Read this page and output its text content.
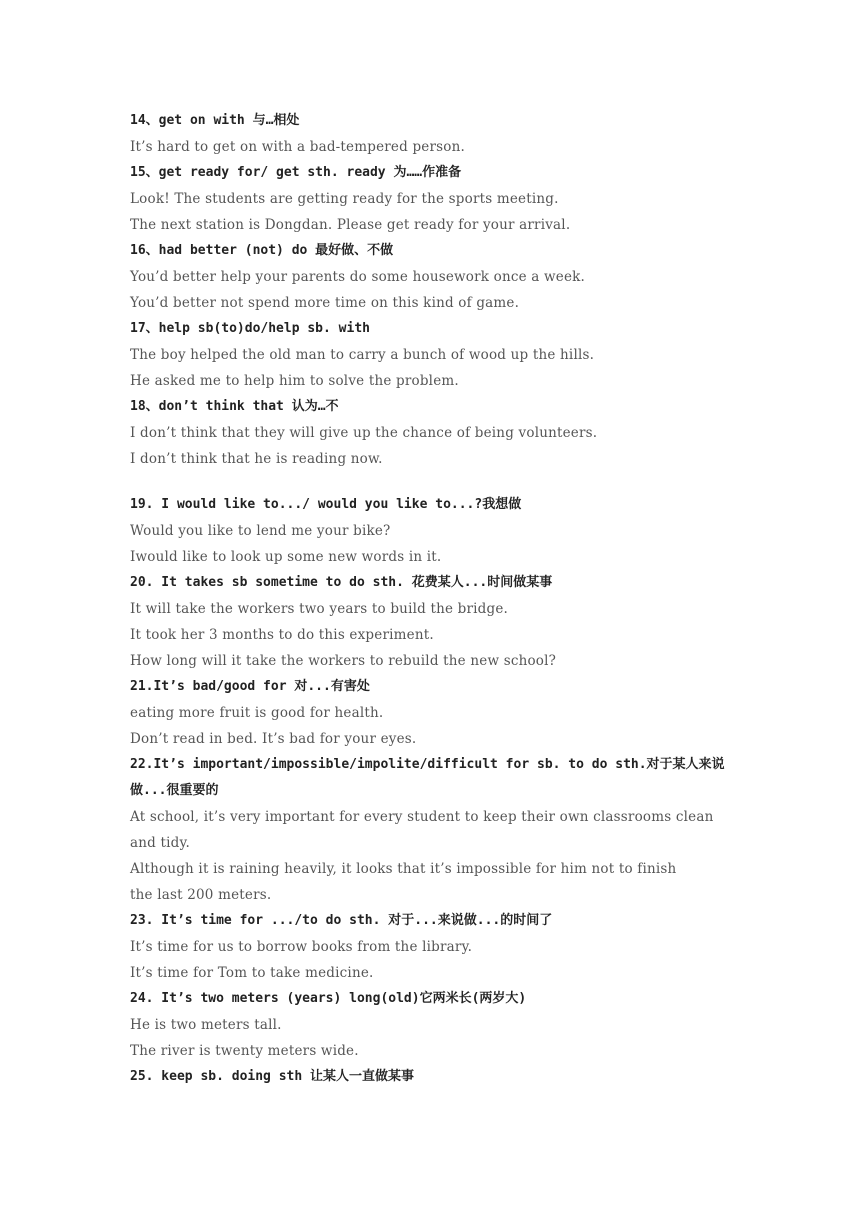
14、get on with 与…相处
It’s hard to get on with a bad-tempered person.
15、get ready for/ get sth. ready 为……作准备
Look! The students are getting ready for the sports meeting.
The next station is Dongdan. Please get ready for your arrival.
16、had better (not) do 最好做、不做
You’d better help your parents do some housework once a week.
You’d better not spend more time on this kind of game.
17、help sb(to)do/help sb. with
The boy helped the old man to carry a bunch of wood up the hills.
He asked me to help him to solve the problem.
18、don’t think that 认为…不
I don’t think that they will give up the chance of being volunteers.
I don’t think that he is reading now.
19. I would like to.../ would you like to...?我想做
Would you like to lend me your bike?
Iwould like to look up some new words in it.
20. It takes sb sometime to do sth. 花费某人...时间做某事
It will take the workers two years to build the bridge.
It took her 3 months to do this experiment.
How long will it take the workers to rebuild the new school?
21.It’s bad/good for 对...有害处
eating more fruit is good for health.
Don’t read in bed. It’s bad for your eyes.
22.It’s important/impossible/impolite/difficult for sb. to do sth.对于某人来说
做...很重要的
At school, it’s very important for every student to keep their own classrooms clean
and tidy.
Although it is raining heavily, it looks that it’s impossible for him not to finish
the last 200 meters.
23. It’s time for .../to do sth. 对于...来说做...的时间了
It’s time for us to borrow books from the library.
It’s time for Tom to take medicine.
24. It’s two meters (years) long(old)它两米长(两岁大)
He is two meters tall.
The river is twenty meters wide.
25. keep sb. doing sth 让某人一直做某事
